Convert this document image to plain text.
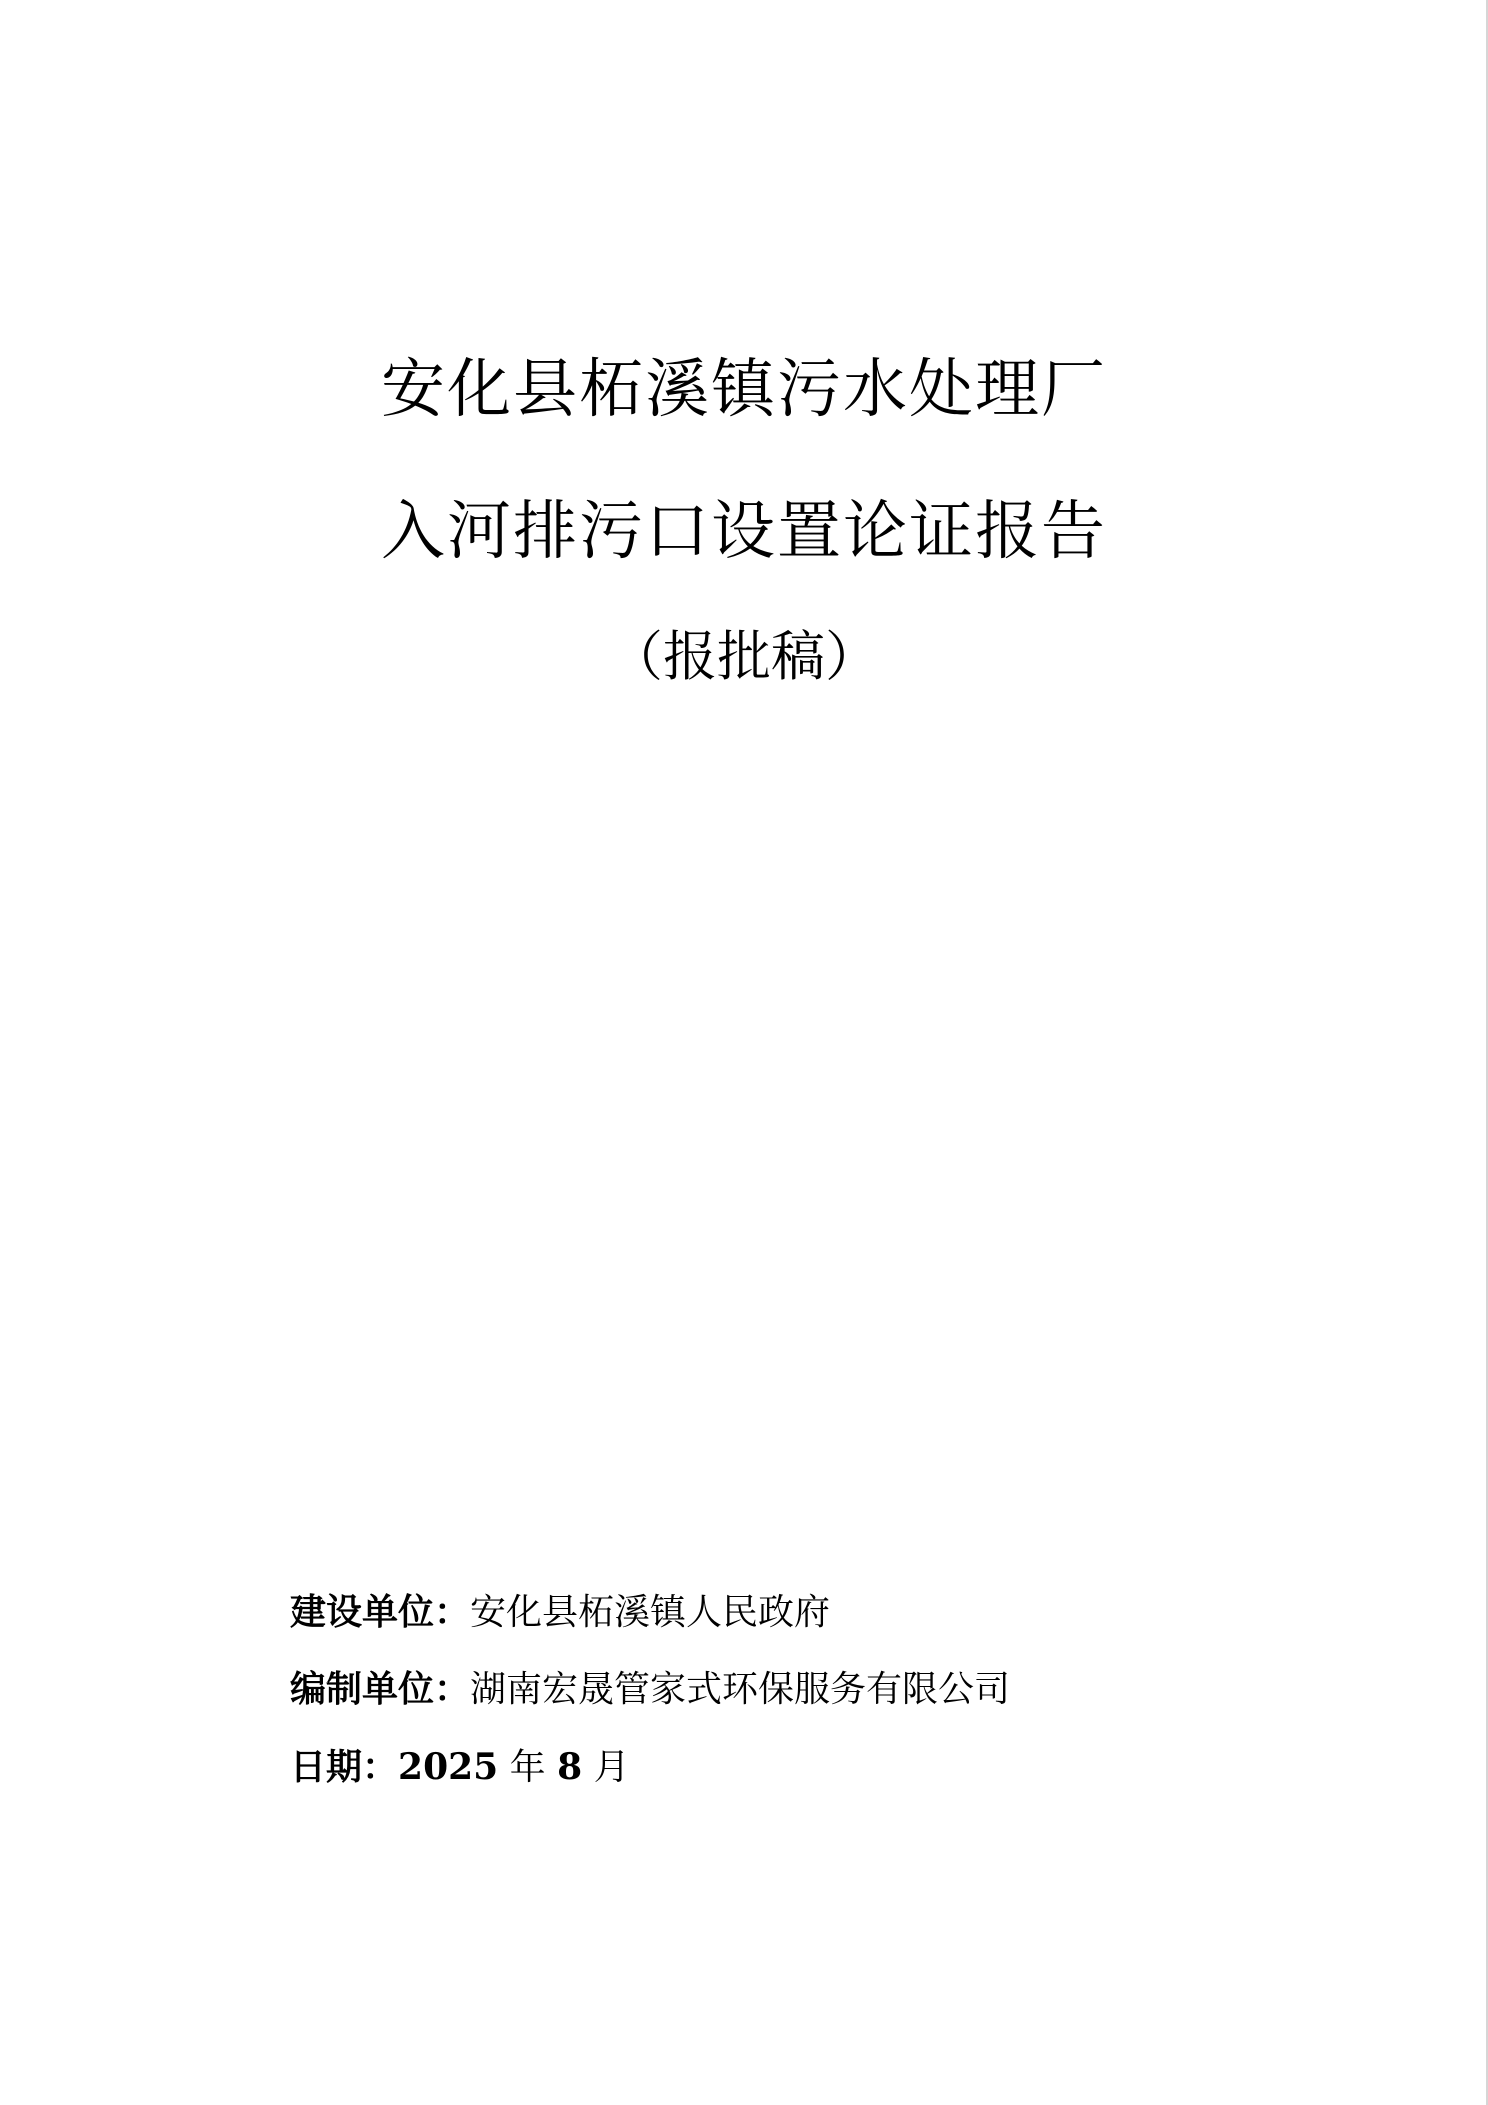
安化县柘溪镇污水处理厂
入河排污口设置论证报告
（报批稿）
建设单位：安化县柘溪镇人民政府
编制单位：湖南宏晟管家式环保服务有限公司
日期：2025 年 8 月
